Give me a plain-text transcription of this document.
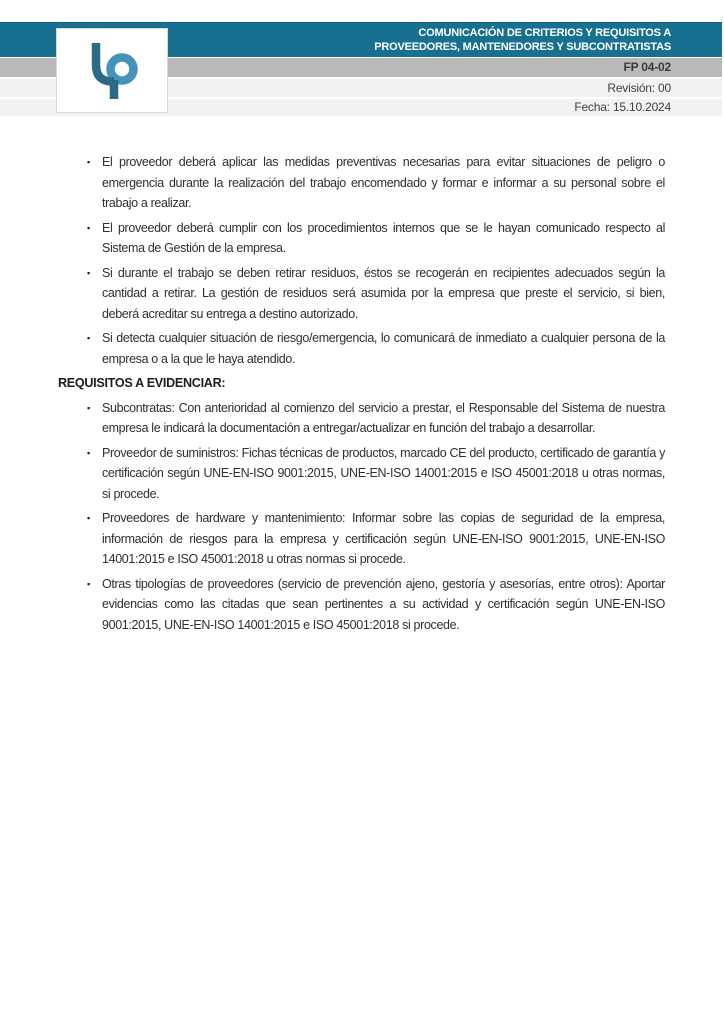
COMUNICACIÓN DE CRITERIOS Y REQUISITOS A
PROVEEDORES, MANTENEDORES Y SUBCONTRATISTAS
FP 04-02
Revisión: 00
Fecha: 15.10.2024
▪ El proveedor deberá aplicar las medidas preventivas necesarias para evitar situaciones de peligro o emergencia durante la realización del trabajo encomendado y formar e informar a su personal sobre el trabajo a realizar.
▪ El proveedor deberá cumplir con los procedimientos internos que se le hayan comunicado respecto al Sistema de Gestión de la empresa.
▪ Si durante el trabajo se deben retirar residuos, éstos se recogerán en recipientes adecuados según la cantidad a retirar. La gestión de residuos será asumida por la empresa que preste el servicio, si bien, deberá acreditar su entrega a destino autorizado.
▪ Si detecta cualquier situación de riesgo/emergencia, lo comunicará de inmediato a cualquier persona de la empresa o a la que le haya atendido.
REQUISITOS A EVIDENCIAR:
▪ Subcontratas: Con anterioridad al comienzo del servicio a prestar, el Responsable del Sistema de nuestra empresa le indicará la documentación a entregar/actualizar en función del trabajo a desarrollar.
▪ Proveedor de suministros: Fichas técnicas de productos, marcado CE del producto, certificado de garantía y certificación según UNE-EN-ISO 9001:2015, UNE-EN-ISO 14001:2015 e ISO 45001:2018 u otras normas, si procede.
▪ Proveedores de hardware y mantenimiento: Informar sobre las copias de seguridad de la empresa, información de riesgos para la empresa y certificación según UNE-EN-ISO 9001:2015, UNE-EN-ISO 14001:2015 e ISO 45001:2018 u otras normas si procede.
▪ Otras tipologías de proveedores (servicio de prevención ajeno, gestoría y asesorías, entre otros): Aportar evidencias como las citadas que sean pertinentes a su actividad y certificación según UNE-EN-ISO 9001:2015, UNE-EN-ISO 14001:2015 e ISO 45001:2018 si procede.
